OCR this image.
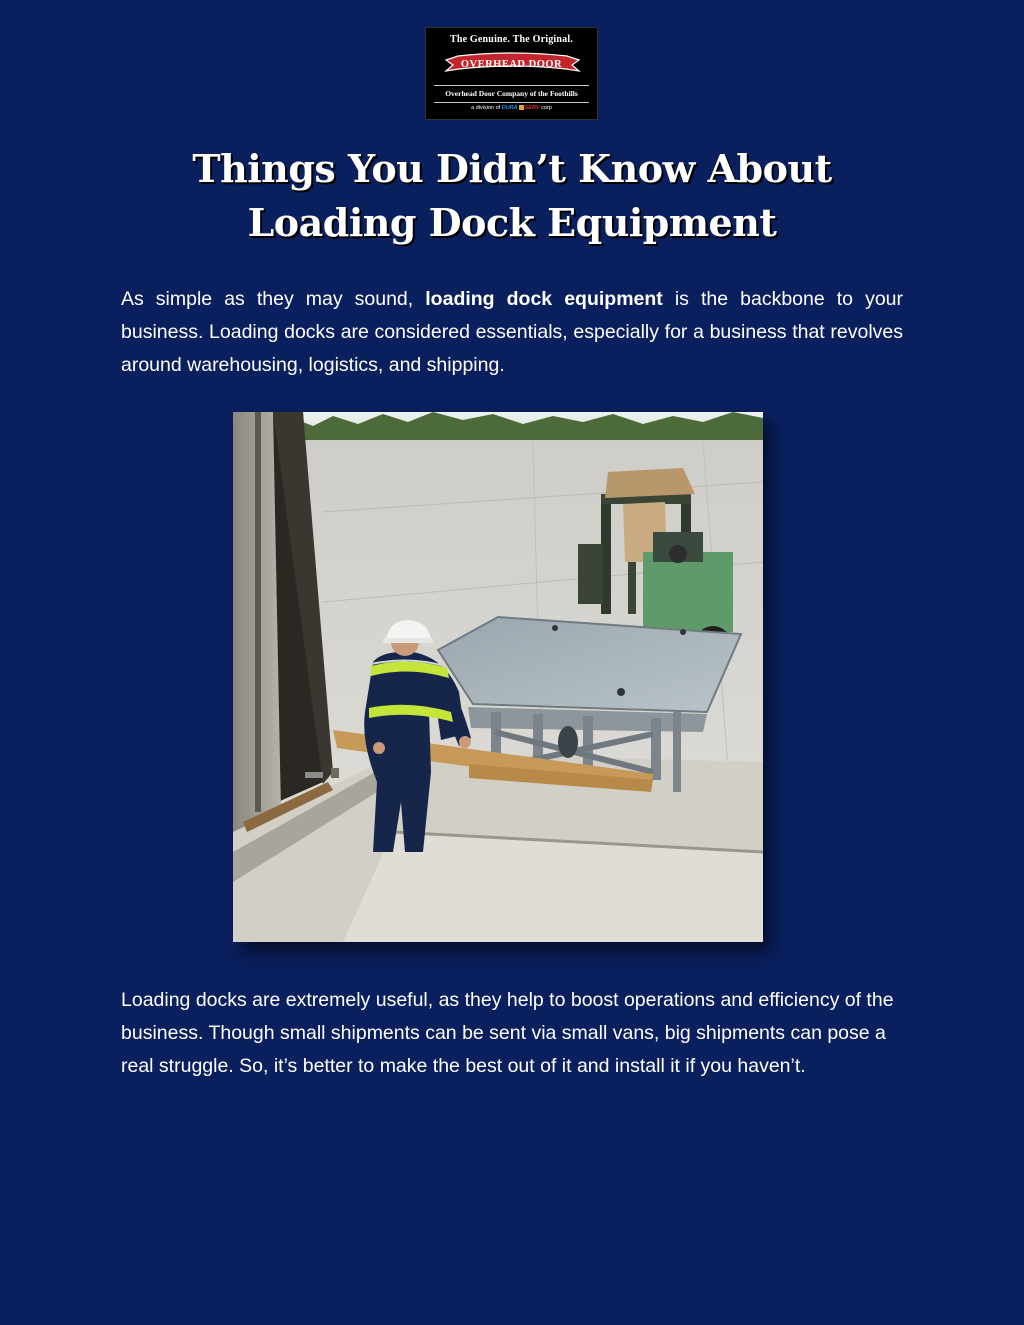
The Genuine. The Original.
OVERHEAD DOOR
Overhead Door Company of the Foothills
a division of DURA SERV corp
Things You Didn’t Know About
Loading Dock Equipment

As simple as they may sound, loading dock equipment is the backbone to your business. Loading docks are considered essentials, especially for a business that revolves around warehousing, logistics, and shipping.

Loading docks are extremely useful, as they help to boost operations and efficiency of the business. Though small shipments can be sent via small vans, big shipments can pose a real struggle. So, it’s better to make the best out of it and install it if you haven’t.
